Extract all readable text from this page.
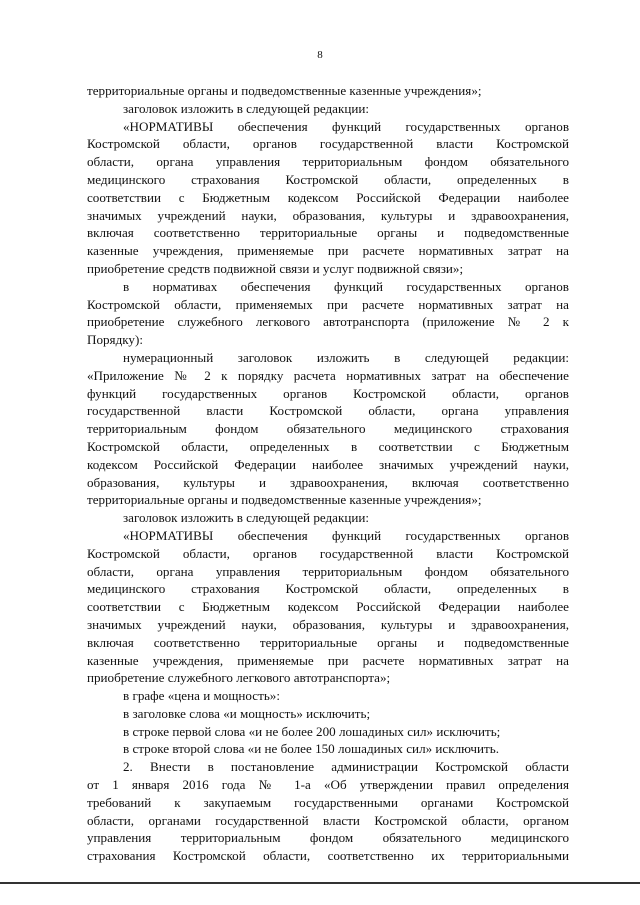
8
территориальные органы и подведомственные казенные учреждения»;
заголовок изложить в следующей редакции:
«НОРМАТИВЫ обеспечения функций государственных органов
Костромской области, органов государственной власти Костромской
области, органа управления территориальным фондом обязательного
медицинского страхования Костромской области, определенных в
соответствии с Бюджетным кодексом Российской Федерации наиболее
значимых учреждений науки, образования, культуры и здравоохранения,
включая соответственно территориальные органы и подведомственные
казенные учреждения, применяемые при расчете нормативных затрат на
приобретение средств подвижной связи и услуг подвижной связи»;
в нормативах обеспечения функций государственных органов
Костромской области, применяемых при расчете нормативных затрат на
приобретение служебного легкового автотранспорта (приложение № 2 к
Порядку):
нумерационный заголовок изложить в следующей редакции:
«Приложение № 2 к порядку расчета нормативных затрат на обеспечение
функций государственных органов Костромской области, органов
государственной власти Костромской области, органа управления
территориальным фондом обязательного медицинского страхования
Костромской области, определенных в соответствии с Бюджетным
кодексом Российской Федерации наиболее значимых учреждений науки,
образования, культуры и здравоохранения, включая соответственно
территориальные органы и подведомственные казенные учреждения»;
заголовок изложить в следующей редакции:
«НОРМАТИВЫ обеспечения функций государственных органов
Костромской области, органов государственной власти Костромской
области, органа управления территориальным фондом обязательного
медицинского страхования Костромской области, определенных в
соответствии с Бюджетным кодексом Российской Федерации наиболее
значимых учреждений науки, образования, культуры и здравоохранения,
включая соответственно территориальные органы и подведомственные
казенные учреждения, применяемые при расчете нормативных затрат на
приобретение служебного легкового автотранспорта»;
в графе «цена и мощность»:
в заголовке слова «и мощность» исключить;
в строке первой слова «и не более 200 лошадиных сил» исключить;
в строке второй слова «и не более 150 лошадиных сил» исключить.
2. Внести в постановление администрации Костромской области
от 1 января 2016 года № 1-а «Об утверждении правил определения
требований к закупаемым государственными органами Костромской
области, органами государственной власти Костромской области, органом
управления территориальным фондом обязательного медицинского
страхования Костромской области, соответственно их территориальными
